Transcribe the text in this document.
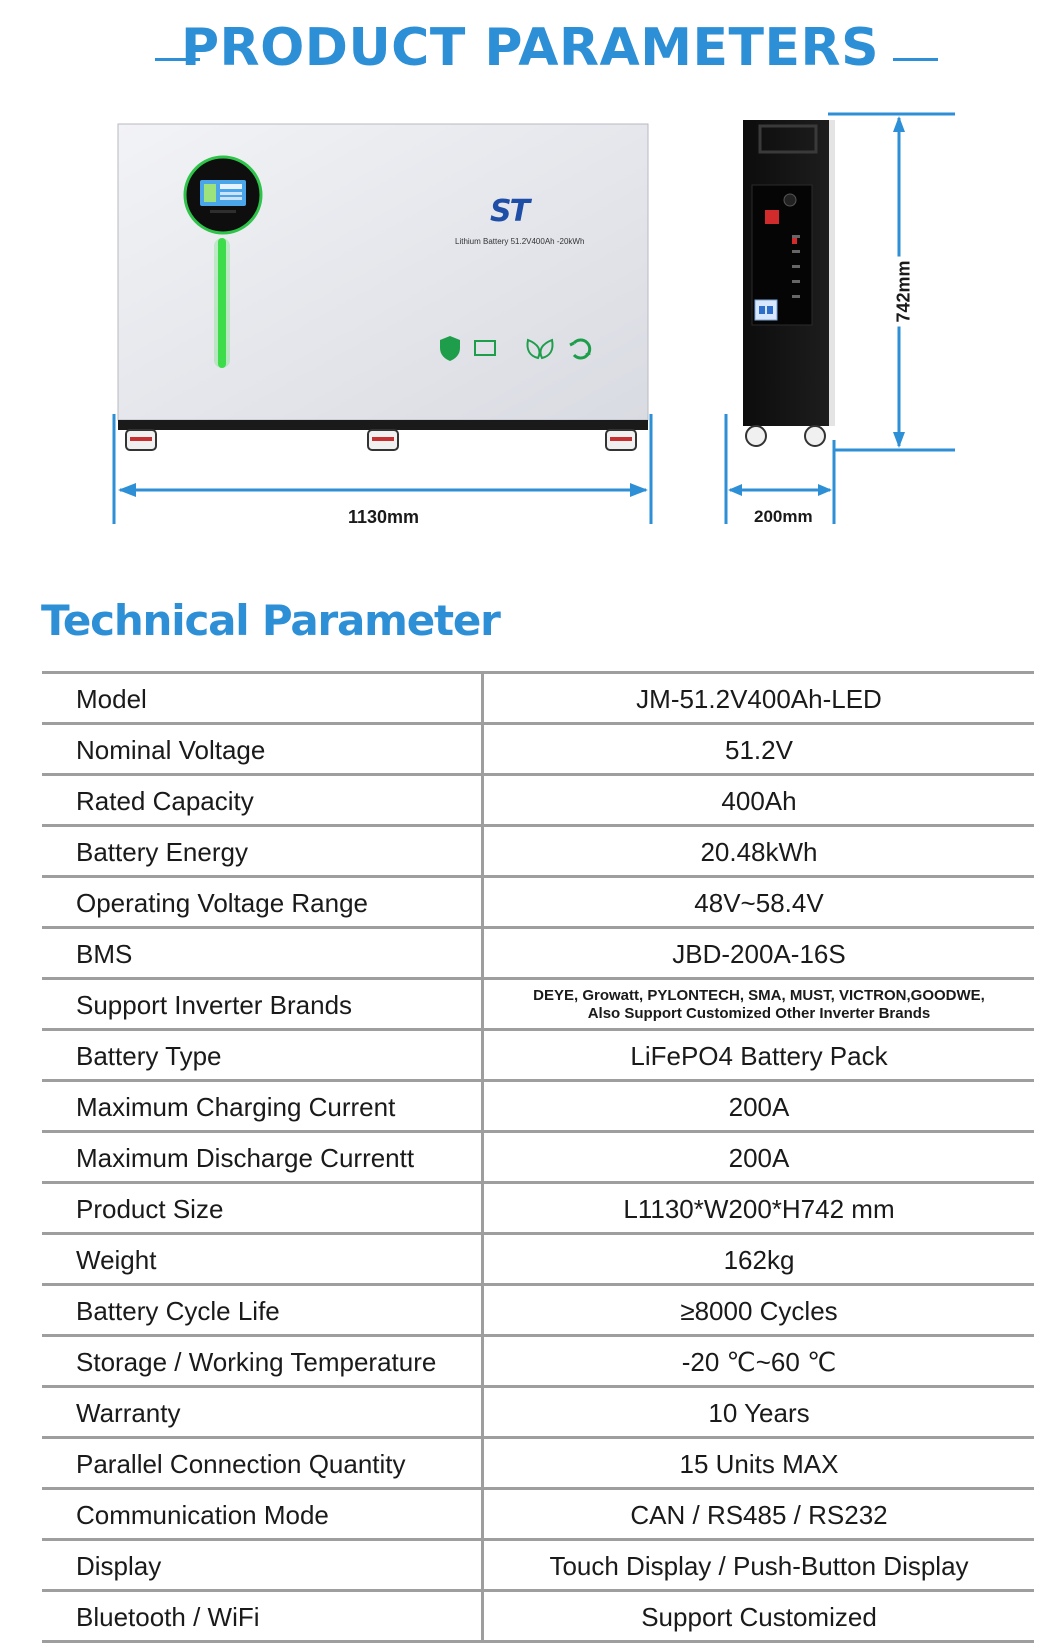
PRODUCT PARAMETERS
ST
Lithium Battery 51.2V400Ah -20kWh
1130mm	200mm
742mm
Technical Parameter
Model	JM-51.2V400Ah-LED
Nominal Voltage	51.2V
Rated Capacity	400Ah
Battery Energy	20.48kWh
Operating Voltage Range	48V~58.4V
BMS	JBD-200A-16S
Support Inverter Brands	DEYE, Growatt, PYLONTECH, SMA, MUST, VICTRON,GOODWE,
Also Support Customized Other Inverter Brands
Battery Type	LiFePO4 Battery Pack
Maximum Charging Current	200A
Maximum Discharge Currentt	200A
Product Size	L1130*W200*H742 mm
Weight	162kg
Battery Cycle Life	≥8000 Cycles
Storage / Working Temperature	-20 ℃~60 ℃
Warranty	10 Years
Parallel Connection Quantity	15 Units MAX
Communication Mode	CAN / RS485 / RS232
Display	Touch Display / Push-Button Display
Bluetooth / WiFi	Support Customized
